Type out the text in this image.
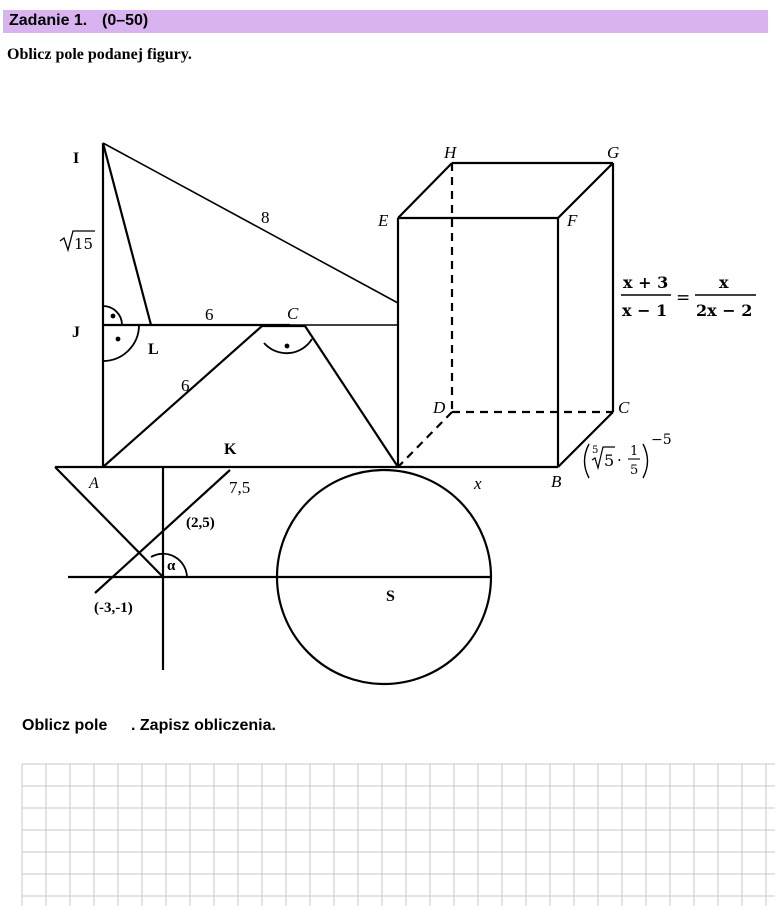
Zadanie 1. (0–50)
Oblicz pole podanej figury.
I
J
L
K
A
S
C
C
E	F
H	G
D
B
x
α
8
6
6
7,5
15
(2,5)
(-3,-1)
x + 3
x − 1
=
x
2x − 2
5
5 · 1
5
−5
Oblicz pole . Zapisz obliczenia.
